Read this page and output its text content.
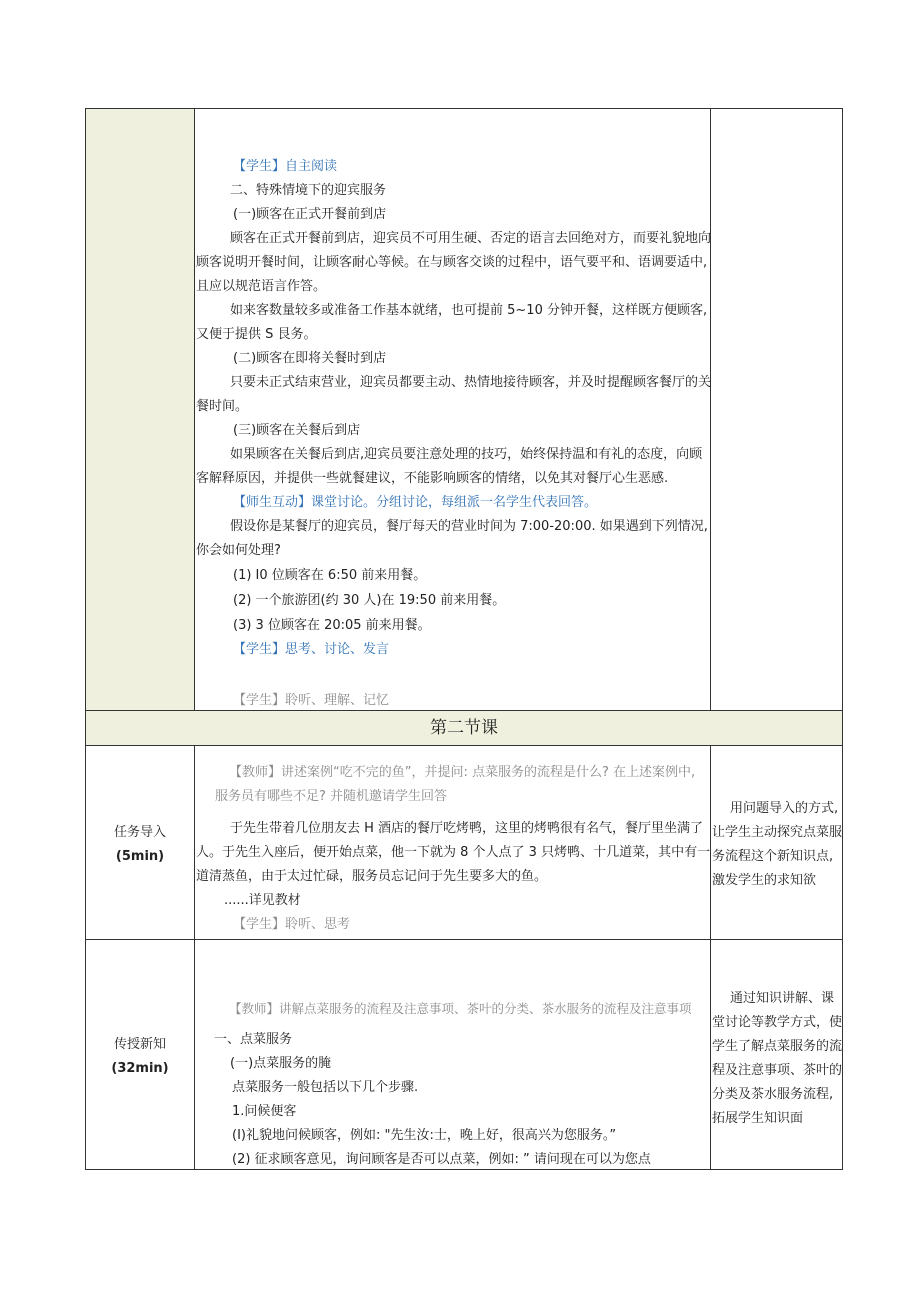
【学生】自主阅读
二、特殊情境下的迎宾服务
(一)顾客在正式开餐前到店
顾客在正式开餐前到店，迎宾员不可用生硬、否定的语言去回绝对方，而要礼貌地向
顾客说明开餐时间，让顾客耐心等候。在与顾客交谈的过程中，语气要平和、语调要适中,
且应以规范语言作答。
如来客数量较多或准备工作基本就绪，也可提前 5~10 分钟开餐，这样既方便顾客,
又便于提供 S 艮务。
(二)顾客在即将关餐时到店
只要未正式结束营业，迎宾员都要主动、热情地接待顾客，并及时提醒顾客餐厅的关
餐时间。
(三)顾客在关餐后到店
如果顾客在关餐后到店,迎宾员要注意处理的技巧，始终保持温和有礼的态度，向顾
客解释原因，并提供一些就餐建议，不能影响顾客的情绪，以免其对餐厅心生恶感.
【师生互动】课堂讨论。分组讨论，每组派一名学生代表回答。
假设你是某餐厅的迎宾员，餐厅每天的营业时间为 7:00-20:00. 如果遇到下列情况,
你会如何处理?
(1) I0 位顾客在 6:50 前来用餐。
(2) 一个旅游团(约 30 人)在 19:50 前来用餐。
(3) 3 位顾客在 20:05 前来用餐。
【学生】思考、讨论、发言
【学生】聆听、理解、记忆
第二节课
任务导入
(5min)
【教师】讲述案例“吃不完的鱼”，并提问: 点菜服务的流程是什么? 在上述案例中,
服务员有哪些不足? 并随机邀请学生回答
于先生带着几位朋友去 H 酒店的餐厅吃烤鸭，这里的烤鸭很有名气，餐厅里坐满了
人。于先生入座后，便开始点菜，他一下就为 8 个人点了 3 只烤鸭、十几道菜，其中有一
道清蒸鱼，由于太过忙碌，服务员忘记问于先生要多大的鱼。
......详见教材
【学生】聆听、思考
用问题导入的方式,
让学生主动探究点菜服
务流程这个新知识点,
激发学生的求知欲
传授新知
(32min)
【教师】讲解点菜服务的流程及注意事项、茶叶的分类、茶水服务的流程及注意事项
一、点菜服务
(一)点菜服务的腌
点菜服务一般包括以下几个步骤.
1.问候便客
(I)礼貌地问候顾客，例如: "先生汝:士，晚上好，很高兴为您服务。”
(2) 征求顾客意见，询问顾客是否可以点菜，例如: ” 请问现在可以为您点
通过知识讲解、课
堂讨论等教学方式，使
学生了解点菜服务的流
程及注意事项、茶叶的
分类及茶水服务流程,
拓展学生知识面
